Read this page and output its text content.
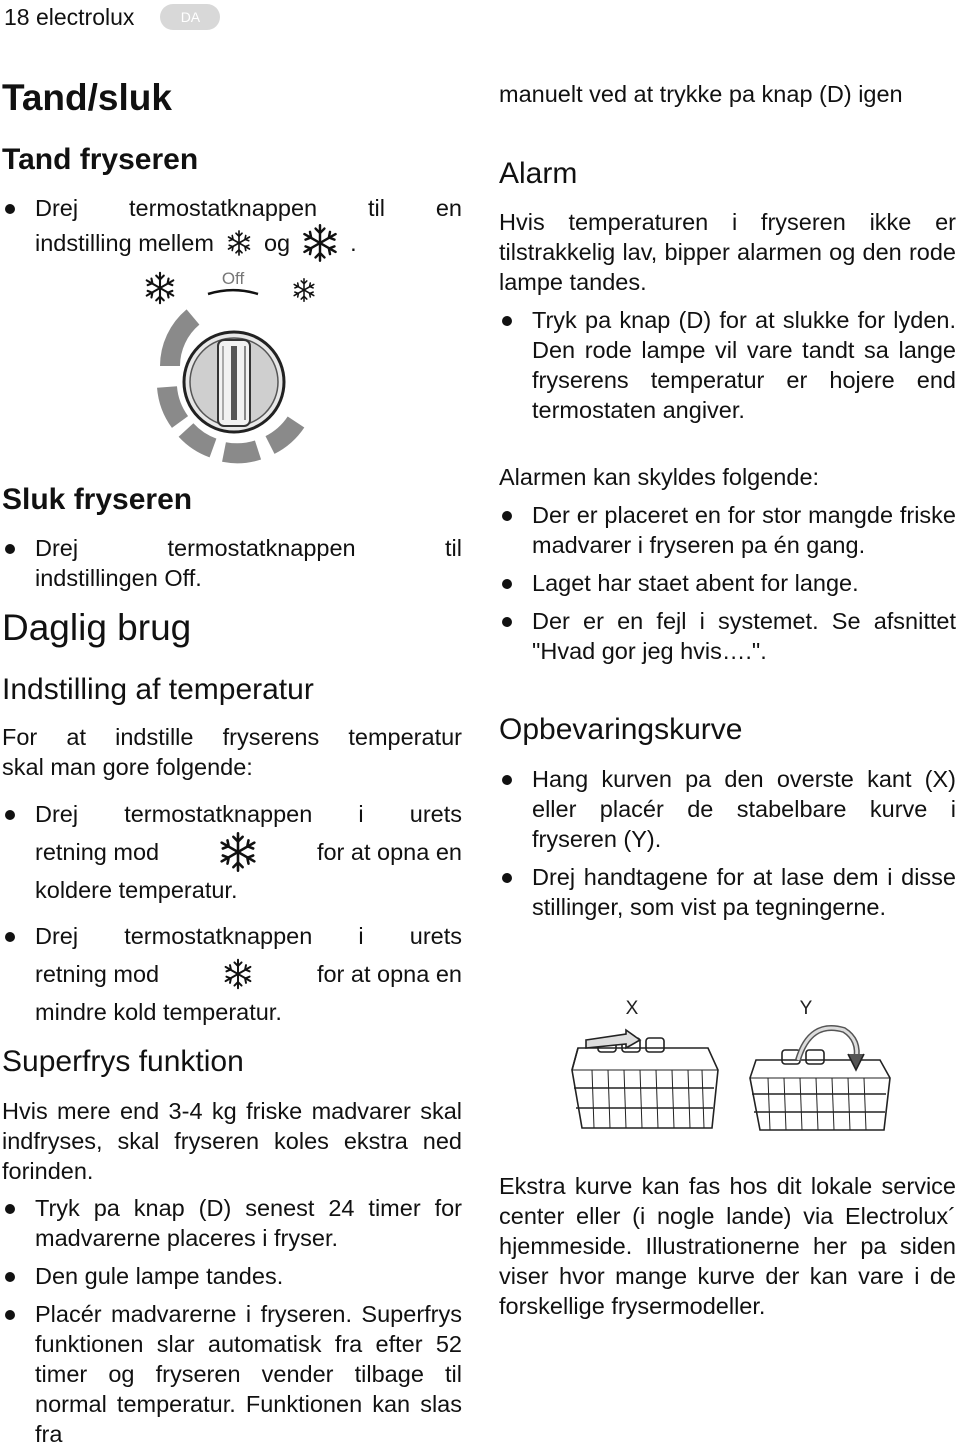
18 electrolux	DA
Tand/sluk
Tand fryseren
Drej termostatknappen til en
indstilling mellem og	.
Off
Sluk fryseren
Drej termostatknappen til
indstillingen Off.
Daglig brug
Indstilling af temperatur

For at indstille fryserens temperatur

skal man gore folgende:

Drej termostatknappen i urets
retning mod	for at opna en
koldere temperatur.
Drej termostatknappen i urets
retning mod	for at opna en
mindre kold temperatur.
Superfrys funktion

Hvis mere end 3-4 kg friske madvarer skal indfryses, skal fryseren koles ekstra ned forinden.

Tryk pa knap (D) senest 24 timer for madvarerne placeres i fryser.
Den gule lampe tandes.
Placér madvarerne i fryseren. Superfrys funktionen slar automatisk fra efter 52 timer og fryseren vender tilbage til normal temperatur. Funktionen kan slas fra

manuelt ved at trykke pa knap (D) igen

Alarm

Hvis temperaturen i fryseren ikke er tilstrakkelig lav, bipper alarmen og den rode lampe tandes.

Tryk pa knap (D) for at slukke for lyden. Den rode lampe vil vare tandt sa lange fryserens temperatur er hojere end termostaten angiver.

Alarmen kan skyldes folgende:

Der er placeret en for stor mangde friske madvarer i fryseren pa én gang.
Laget har staet abent for lange.
Der er en fejl i systemet. Se afsnittet "Hvad gor jeg hvis….".
Opbevaringskurve
Hang kurven pa den overste kant (X) eller placér de stabelbare kurve i fryseren (Y).
Drej handtagene for at lase dem i disse stillinger, som vist pa tegningerne.
X	Y

Ekstra kurve kan fas hos dit lokale service center eller (i nogle lande) via Electrolux´ hjemmeside. Illustrationerne her pa siden viser hvor mange kurve der kan vare i de forskellige frysermodeller.
